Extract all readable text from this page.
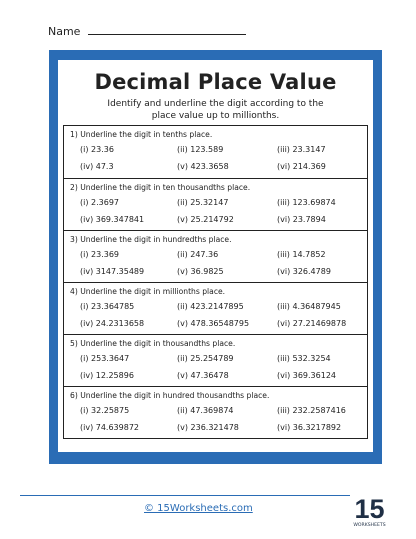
Name
Decimal Place Value
Identify and underline the digit according to the
place value up to millionths.
1) Underline the digit in tenths place.
(i) 23.36	(ii) 123.589	(iii) 23.3147
(iv) 47.3	(v) 423.3658	(vi) 214.369
2) Underline the digit in ten thousandths place.
(i) 2.3697	(ii) 25.32147	(iii) 123.69874
(iv) 369.347841	(v) 25.214792	(vi) 23.7894
3) Underline the digit in hundredths place.
(i) 23.369	(ii) 247.36	(iii) 14.7852
(iv) 3147.35489	(v) 36.9825	(vi) 326.4789
4) Underline the digit in millionths place.
(i) 23.364785	(ii) 423.2147895	(iii) 4.36487945
(iv) 24.2313658	(v) 478.36548795	(vi) 27.21469878
5) Underline the digit in thousandths place.
(i) 253.3647	(ii) 25.254789	(iii) 532.3254
(iv) 12.25896	(v) 47.36478	(vi) 369.36124
6) Underline the digit in hundred thousandths place.
(i) 32.25875	(ii) 47.369874	(iii) 232.2587416
(iv) 74.639872	(v) 236.321478	(vi) 36.3217892
© 15Worksheets.com	15
WORKSHEETS
